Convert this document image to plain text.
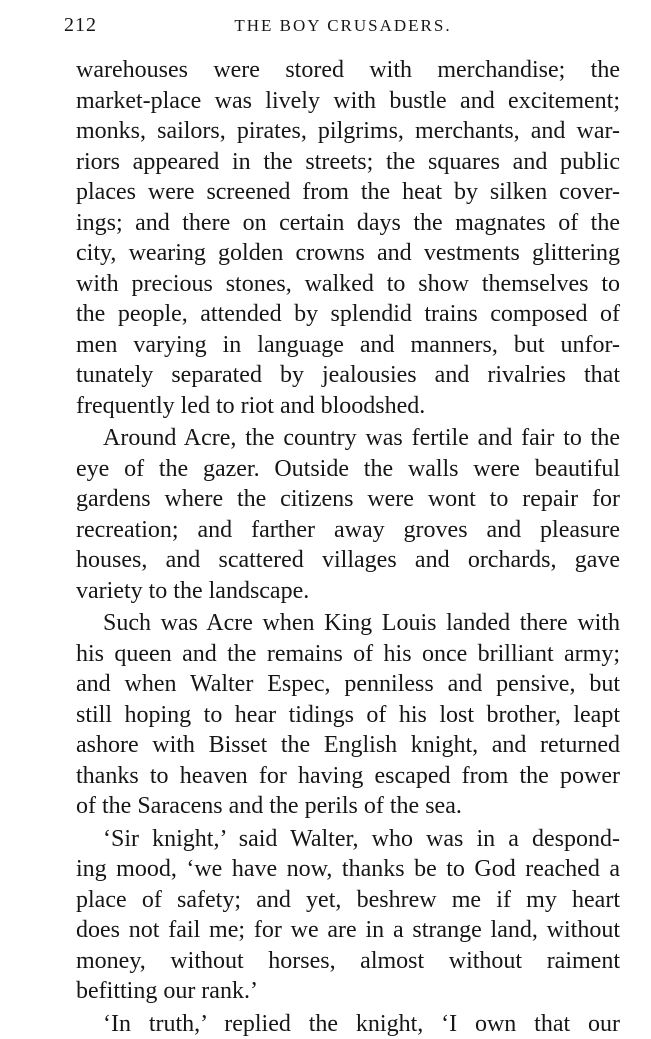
212	THE BOY CRUSADERS.

warehouses were stored with merchandise; the
market-place was lively with bustle and excitement;
monks, sailors, pirates, pilgrims, merchants, and war-
riors appeared in the streets; the squares and public
places were screened from the heat by silken cover-
ings; and there on certain days the magnates of the
city, wearing golden crowns and vestments glittering
with precious stones, walked to show themselves to
the people, attended by splendid trains composed of
men varying in language and manners, but unfor-
tunately separated by jealousies and rivalries that
frequently led to riot and bloodshed.

Around Acre, the country was fertile and fair to the
eye of the gazer. Outside the walls were beautiful
gardens where the citizens were wont to repair for
recreation; and farther away groves and pleasure
houses, and scattered villages and orchards, gave
variety to the landscape.

Such was Acre when King Louis landed there with
his queen and the remains of his once brilliant army;
and when Walter Espec, penniless and pensive, but
still hoping to hear tidings of his lost brother, leapt
ashore with Bisset the English knight, and returned
thanks to heaven for having escaped from the power
of the Saracens and the perils of the sea.

‘Sir knight,’ said Walter, who was in a despond-
ing mood, ‘we have now, thanks be to God reached a
place of safety; and yet, beshrew me if my heart
does not fail me; for we are in a strange land, without
money, without horses, almost without raiment
befitting our rank.’

‘In truth,’ replied the knight, ‘I own that our
